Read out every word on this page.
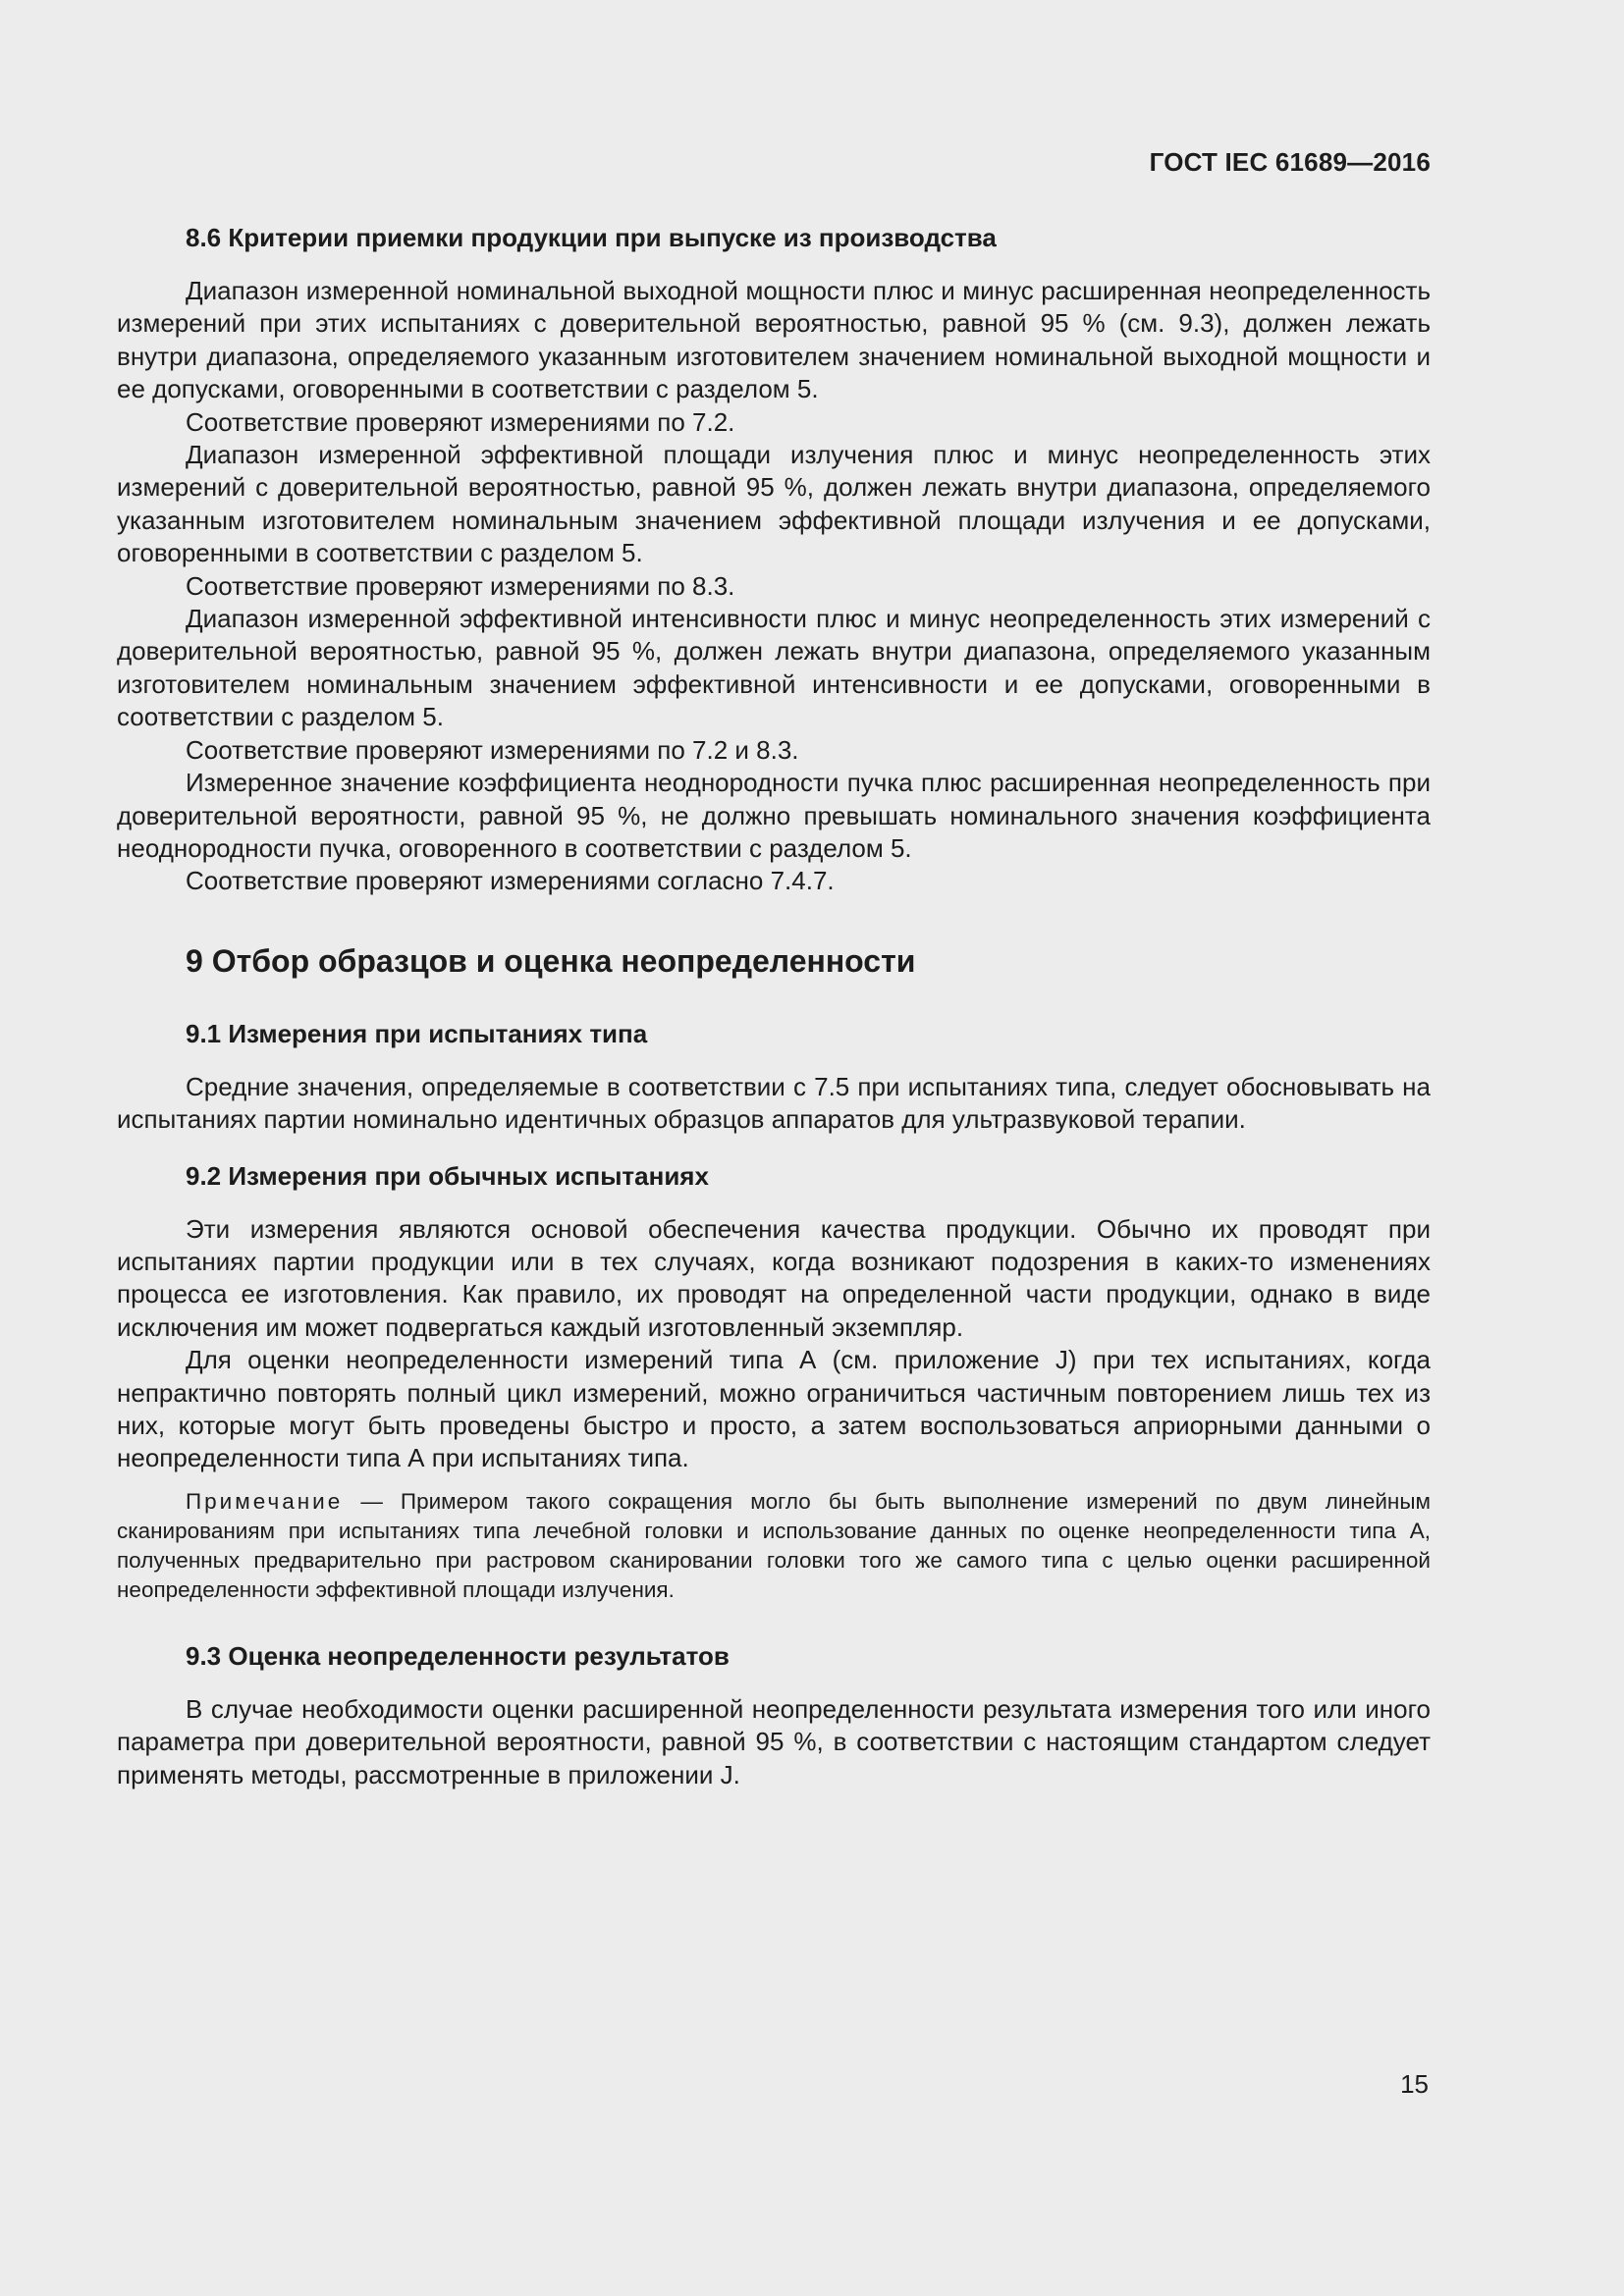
ГОСТ IEC 61689—2016
8.6 Критерии приемки продукции при выпуске из производства

Диапазон измеренной номинальной выходной мощности плюс и минус расширенная неопределенность измерений при этих испытаниях с доверительной вероятностью, равной 95 % (см. 9.3), должен лежать внутри диапазона, определяемого указанным изготовителем значением номинальной выходной мощности и ее допусками, оговоренными в соответствии с разделом 5.

Соответствие проверяют измерениями по 7.2.

Диапазон измеренной эффективной площади излучения плюс и минус неопределенность этих измерений с доверительной вероятностью, равной 95 %, должен лежать внутри диапазона, определяемого указанным изготовителем номинальным значением эффективной площади излучения и ее допусками, оговоренными в соответствии с разделом 5.

Соответствие проверяют измерениями по 8.3.

Диапазон измеренной эффективной интенсивности плюс и минус неопределенность этих измерений с доверительной вероятностью, равной 95 %, должен лежать внутри диапазона, определяемого указанным изготовителем номинальным значением эффективной интенсивности и ее допусками, оговоренными в соответствии с разделом 5.

Соответствие проверяют измерениями по 7.2 и 8.3.

Измеренное значение коэффициента неоднородности пучка плюс расширенная неопределенность при доверительной вероятности, равной 95 %, не должно превышать номинального значения коэффициента неоднородности пучка, оговоренного в соответствии с разделом 5.

Соответствие проверяют измерениями согласно 7.4.7.

9 Отбор образцов и оценка неопределенности
9.1 Измерения при испытаниях типа

Средние значения, определяемые в соответствии с 7.5 при испытаниях типа, следует обосновывать на испытаниях партии номинально идентичных образцов аппаратов для ультразвуковой терапии.

9.2 Измерения при обычных испытаниях

Эти измерения являются основой обеспечения качества продукции. Обычно их проводят при испытаниях партии продукции или в тех случаях, когда возникают подозрения в каких-то изменениях процесса ее изготовления. Как правило, их проводят на определенной части продукции, однако в виде исключения им может подвергаться каждый изготовленный экземпляр.

Для оценки неопределенности измерений типа А (см. приложение J) при тех испытаниях, когда непрактично повторять полный цикл измерений, можно ограничиться частичным повторением лишь тех из них, которые могут быть проведены быстро и просто, а затем воспользоваться априорными данными о неопределенности типа А при испытаниях типа.

Примечание — Примером такого сокращения могло бы быть выполнение измерений по двум линейным сканированиям при испытаниях типа лечебной головки и использование данных по оценке неопределенности типа А, полученных предварительно при растровом сканировании головки того же самого типа с целью оценки расширенной неопределенности эффективной площади излучения.

9.3 Оценка неопределенности результатов

В случае необходимости оценки расширенной неопределенности результата измерения того или иного параметра при доверительной вероятности, равной 95 %, в соответствии с настоящим стандартом следует применять методы, рассмотренные в приложении J.

15
